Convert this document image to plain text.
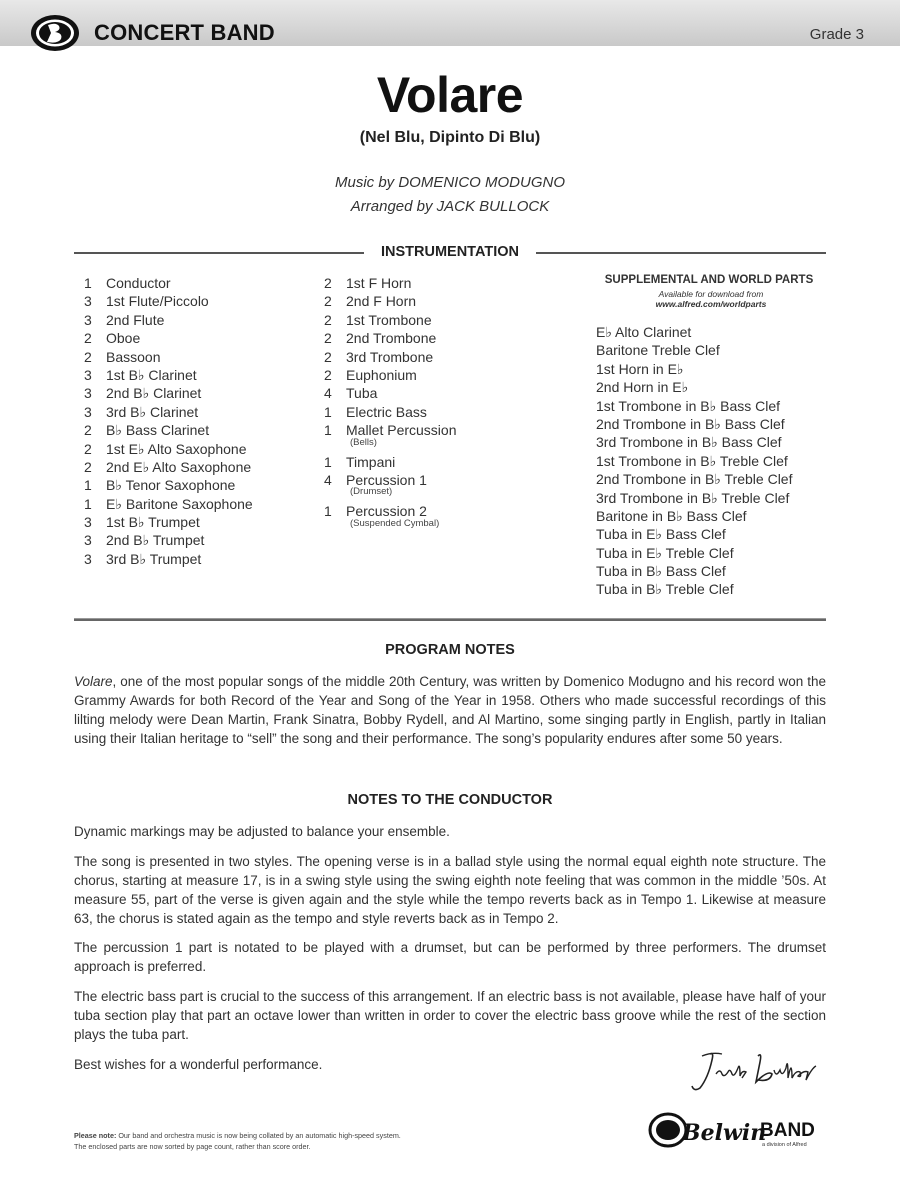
CONCERT BAND	Grade 3
Volare
(Nel Blu, Dipinto Di Blu)
Music by DOMENICO MODUGNO
Arranged by JACK BULLOCK
INSTRUMENTATION
1	Conductor
3	1st Flute/Piccolo
3	2nd Flute
2	Oboe
2	Bassoon
3	1st B♭ Clarinet
3	2nd B♭ Clarinet
3	3rd B♭ Clarinet
2	B♭ Bass Clarinet
2	1st E♭ Alto Saxophone
2	2nd E♭ Alto Saxophone
1	B♭ Tenor Saxophone
1	E♭ Baritone Saxophone
3	1st B♭ Trumpet
3	2nd B♭ Trumpet
3	3rd B♭ Trumpet
2	1st F Horn
2	2nd F Horn
2	1st Trombone
2	2nd Trombone
2	3rd Trombone
2	Euphonium
4	Tuba
1	Electric Bass
1	Mallet Percussion
(Bells)
1	Timpani
4	Percussion 1
(Drumset)
1	Percussion 2
(Suspended Cymbal)
SUPPLEMENTAL AND WORLD PARTS
Available for download from
www.alfred.com/worldparts
E♭ Alto Clarinet
Baritone Treble Clef
1st Horn in E♭
2nd Horn in E♭
1st Trombone in B♭ Bass Clef
2nd Trombone in B♭ Bass Clef
3rd Trombone in B♭ Bass Clef
1st Trombone in B♭ Treble Clef
2nd Trombone in B♭ Treble Clef
3rd Trombone in B♭ Treble Clef
Baritone in B♭ Bass Clef
Tuba in E♭ Bass Clef
Tuba in E♭ Treble Clef
Tuba in B♭ Bass Clef
Tuba in B♭ Treble Clef
PROGRAM NOTES
Volare, one of the most popular songs of the middle 20th Century, was written by Domenico Modugno and his record won the Grammy Awards for both Record of the Year and Song of the Year in 1958. Others who made successful recordings of this lilting melody were Dean Martin, Frank Sinatra, Bobby Rydell, and Al Martino, some singing partly in English, partly in Italian using their Italian heritage to “sell” the song and their performance. The song’s popularity endures after some 50 years.
NOTES TO THE CONDUCTOR
Dynamic markings may be adjusted to balance your ensemble.
The song is presented in two styles. The opening verse is in a ballad style using the normal equal eighth note structure. The chorus, starting at measure 17, is in a swing style using the swing eighth note feeling that was common in the middle ’50s. At measure 55, part of the verse is given again and the style while the tempo reverts back as in Tempo 1. Likewise at measure 63, the chorus is stated again as the tempo and style reverts back as in Tempo 2.
The percussion 1 part is notated to be played with a drumset, but can be performed by three performers. The drumset approach is preferred.
The electric bass part is crucial to the success of this arrangement. If an electric bass is not available, please have half of your tuba section play that part an octave lower than written in order to cover the electric bass groove while the rest of the section plays the tuba part.
Best wishes for a wonderful performance.
Please note: Our band and orchestra music is now being collated by an automatic high-speed system.
The enclosed parts are now sorted by page count, rather than score order.
Belwin
BAND
a division of Alfred
